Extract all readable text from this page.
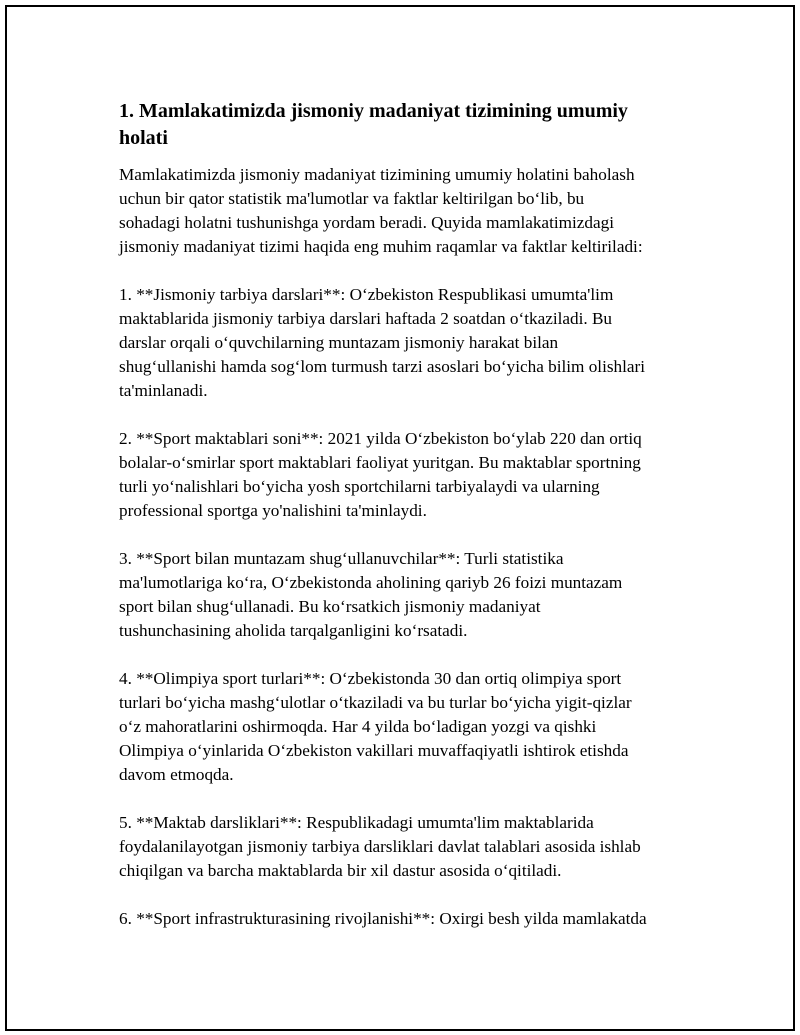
1. Mamlakatimizda jismoniy madaniyat tizimining umumiy
holati
Mamlakatimizda jismoniy madaniyat tizimining umumiy holatini baholash
uchun bir qator statistik ma'lumotlar va faktlar keltirilgan bo‘lib, bu
sohadagi holatni tushunishga yordam beradi. Quyida mamlakatimizdagi
jismoniy madaniyat tizimi haqida eng muhim raqamlar va faktlar keltiriladi:
1. **Jismoniy tarbiya darslari**: O‘zbekiston Respublikasi umumta'lim
maktablarida jismoniy tarbiya darslari haftada 2 soatdan o‘tkaziladi. Bu
darslar orqali o‘quvchilarning muntazam jismoniy harakat bilan
shug‘ullanishi hamda sog‘lom turmush tarzi asoslari bo‘yicha bilim olishlari
ta'minlanadi.
2. **Sport maktablari soni**: 2021 yilda O‘zbekiston bo‘ylab 220 dan ortiq
bolalar-o‘smirlar sport maktablari faoliyat yuritgan. Bu maktablar sportning
turli yo‘nalishlari bo‘yicha yosh sportchilarni tarbiyalaydi va ularning
professional sportga yo'nalishini ta'minlaydi.
3. **Sport bilan muntazam shug‘ullanuvchilar**: Turli statistika
ma'lumotlariga ko‘ra, O‘zbekistonda aholining qariyb 26 foizi muntazam
sport bilan shug‘ullanadi. Bu ko‘rsatkich jismoniy madaniyat
tushunchasining aholida tarqalganligini ko‘rsatadi.
4. **Olimpiya sport turlari**: O‘zbekistonda 30 dan ortiq olimpiya sport
turlari bo‘yicha mashg‘ulotlar o‘tkaziladi va bu turlar bo‘yicha yigit-qizlar
o‘z mahoratlarini oshirmoqda. Har 4 yilda bo‘ladigan yozgi va qishki
Olimpiya o‘yinlarida O‘zbekiston vakillari muvaffaqiyatli ishtirok etishda
davom etmoqda.
5. **Maktab darsliklari**: Respublikadagi umumta'lim maktablarida
foydalanilayotgan jismoniy tarbiya darsliklari davlat talablari asosida ishlab
chiqilgan va barcha maktablarda bir xil dastur asosida o‘qitiladi.
6. **Sport infrastrukturasining rivojlanishi**: Oxirgi besh yilda mamlakatda
